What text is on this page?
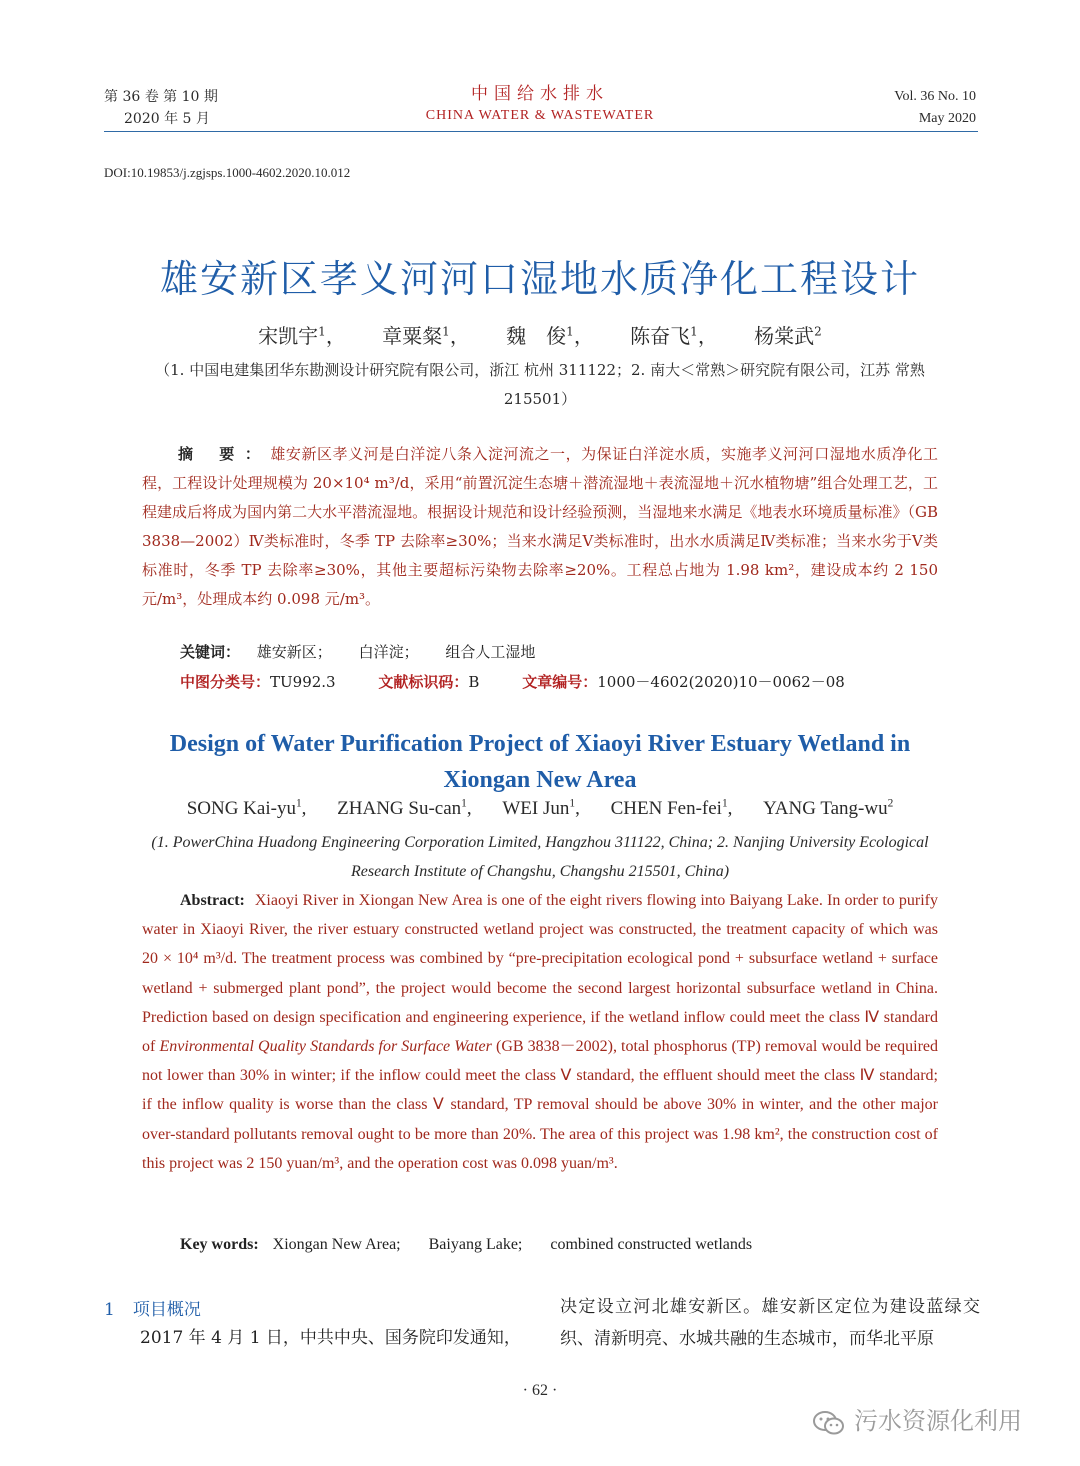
第 36 卷 第 10 期
2020 年 5 月
中国给水排水
CHINA WATER & WASTEWATER
Vol. 36 No. 10
May 2020
DOI:10.19853/j.zgjsps.1000-4602.2020.10.012
雄安新区孝义河河口湿地水质净化工程设计
宋凯宇$^1$， 章粟粲$^1$， 魏　俊$^1$， 陈奋飞$^1$， 杨棠武$^2$
（1. 中国电建集团华东勘测设计研究院有限公司，浙江 杭州 311122；2. 南大＜常熟＞研究院有限公司，江苏 常熟 215501）
摘 要：雄安新区孝义河是白洋淀八条入淀河流之一，为保证白洋淀水质，实施孝义河河口湿地水质净化工程，工程设计处理规模为 20×10⁴ m³/d，采用“前置沉淀生态塘＋潜流湿地＋表流湿地＋沉水植物塘”组合处理工艺，工程建成后将成为国内第二大水平潜流湿地。根据设计规范和设计经验预测，当湿地来水满足《地表水环境质量标准》（GB 3838—2002）Ⅳ类标准时，冬季 TP 去除率≥30%；当来水满足Ⅴ类标准时，出水水质满足Ⅳ类标准；当来水劣于Ⅴ类标准时，冬季 TP 去除率≥30%，其他主要超标污染物去除率≥20%。工程总占地为 1.98 km²，建设成本约 2 150 元/m³，处理成本约 0.098 元/m³。
关键词： 雄安新区； 白洋淀； 组合人工湿地
中图分类号：TU992.3	文献标识码：B	文章编号：1000－4602(2020)10－0062－08
Design of Water Purification Project of Xiaoyi River Estuary Wetland in Xiongan New Area
SONG Kai-$yu^1$, ZHANG Su-can$^1$, WEI Jun$^1$, CHEN Fen-fei$^1$, YANG Tang-$wu^2$
(1. PowerChina Huadong Engineering Corporation Limited, Hangzhou 311122, China; 2. Nanjing University Ecological Research Institute of Changshu, Changshu 215501, China)
Abstract: Xiaoyi River in Xiongan New Area is one of the eight rivers flowing into Baiyang Lake. In order to purify water in Xiaoyi River, the river estuary constructed wetland project was constructed, the treatment capacity of which was 20 × 10⁴ m³/d. The treatment process was combined by “pre-precipitation ecological pond + subsurface wetland + surface wetland + submerged plant pond”, the project would become the second largest horizontal subsurface wetland in China. Prediction based on design specification and engineering experience, if the wetland inflow could meet the class Ⅳ standard of Environmental Quality Standards for Surface Water (GB 3838－2002), total phosphorus (TP) removal would be required not lower than 30% in winter; if the inflow could meet the class Ⅴ standard, the effluent should meet the class Ⅳ standard; if the inflow quality is worse than the class Ⅴ standard, TP removal should be above 30% in winter, and the other major over-standard pollutants removal ought to be more than 20%. The area of this project was 1.98 km², the construction cost of this project was 2 150 yuan/m³, and the operation cost was 0.098 yuan/m³.
Key words: Xiongan New Area; Baiyang Lake; combined constructed wetlands
1 项目概况
2017 年 4 月 1 日，中共中央、国务院印发通知，
决定设立河北雄安新区。雄安新区定位为建设蓝绿交织、清新明亮、水城共融的生态城市，而华北平原
· 62 ·
污水资源化利用
